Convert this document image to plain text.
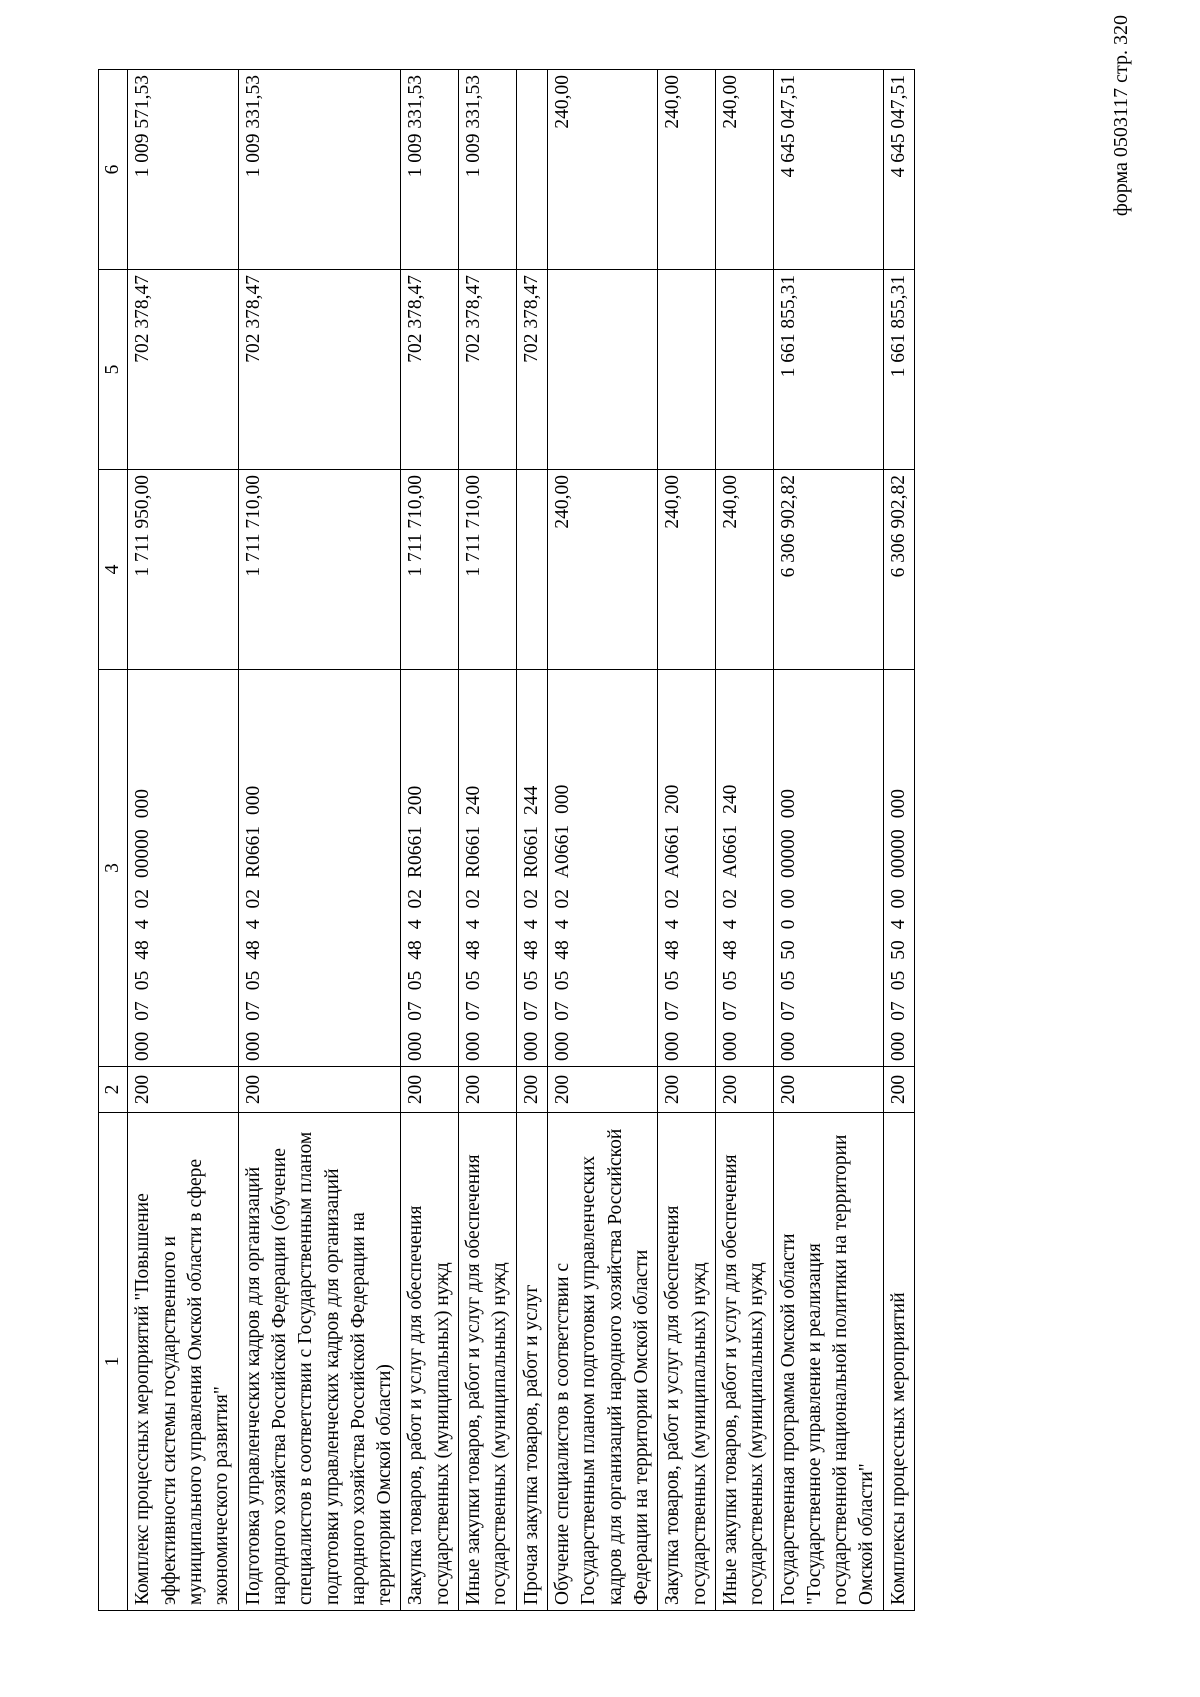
форма 0503117 стр. 320
1	2	3	4	5	6
Комплекс процессных мероприятий "Повышение эффективности системы государственного и муниципального управления Омской области в сфере экономического развития"	200	00007054840200000000	1 711 950,00	702 378,47	1 009 571,53
Подготовка управленческих кадров для организаций народного хозяйства Российской Федерации (обучение специалистов в соответствии с Государственным планом подготовки управленческих кадров для организаций народного хозяйства Российской Федерации на территории Омской области)	200	000070548402R0661000	1 711 710,00	702 378,47	1 009 331,53
Закупка товаров, работ и услуг для обеспечения государственных (муниципальных) нужд	200	000070548402R0661200	1 711 710,00	702 378,47	1 009 331,53
Иные закупки товаров, работ и услуг для обеспечения государственных (муниципальных) нужд	200	000070548402R0661240	1 711 710,00	702 378,47	1 009 331,53
Прочая закупка товаров, работ и услуг	200	000070548402R0661244		702 378,47	
Обучение специалистов в соответствии с Государственным планом подготовки управленческих кадров для организаций народного хозяйства Российской Федерации на территории Омской области	200	000070548402A0661000	240,00		240,00
Закупка товаров, работ и услуг для обеспечения государственных (муниципальных) нужд	200	000070548402A0661200	240,00		240,00
Иные закупки товаров, работ и услуг для обеспечения государственных (муниципальных) нужд	200	000070548402A0661240	240,00		240,00
Государственная программа Омской области "Государственное управление и реализация государственной национальной политики на территории Омской области"	200	00007055000000000000	6 306 902,82	1 661 855,31	4 645 047,51
Комплексы процессных мероприятий	200	00007055040000000000	6 306 902,82	1 661 855,31	4 645 047,51
